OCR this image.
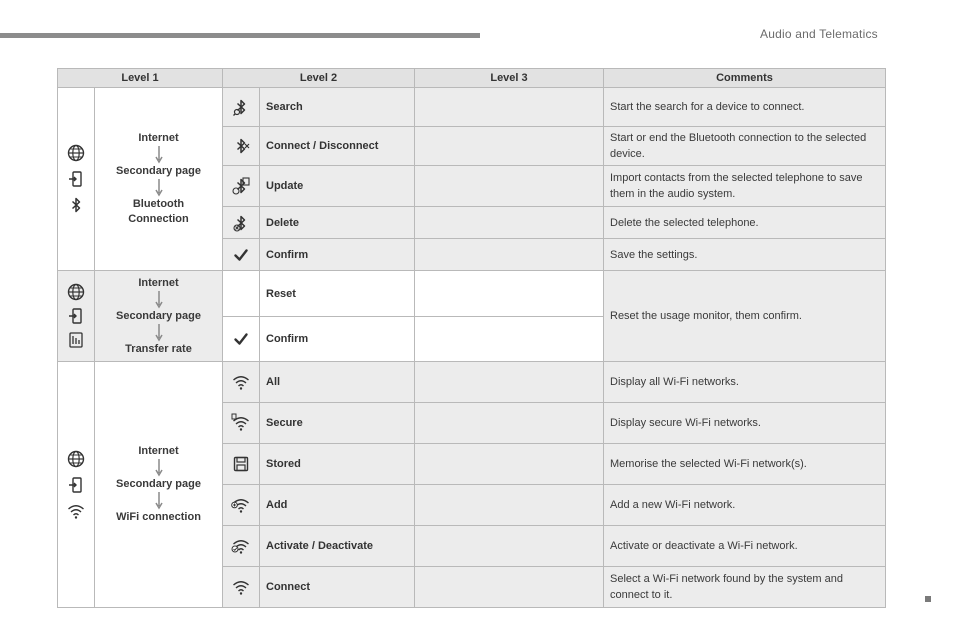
Audio and Telematics
Level 1		Level 2		Level 3	Comments

Internet
Secondary page
Bluetooth Connection		Search		Start the search for a device to connect.
	Connect / Disconnect		Start or end the Bluetooth connection to the selected device.
	Update		Import contacts from the selected telephone to save them in the audio system.
	Delete		Delete the selected telephone.
	Confirm		Save the settings.

Internet
Secondary page
Transfer rate		Reset		Reset the usage monitor, them confirm.
	Confirm		

Internet
Secondary page
WiFi connection		All		Display all Wi-Fi networks.
	Secure		Display secure Wi-Fi networks.
	Stored		Memorise the selected Wi-Fi network(s).
	Add		Add a new Wi-Fi network.
	Activate / Deactivate		Activate or deactivate a Wi-Fi network.
	Connect		Select a Wi-Fi network found by the system and connect to it.
